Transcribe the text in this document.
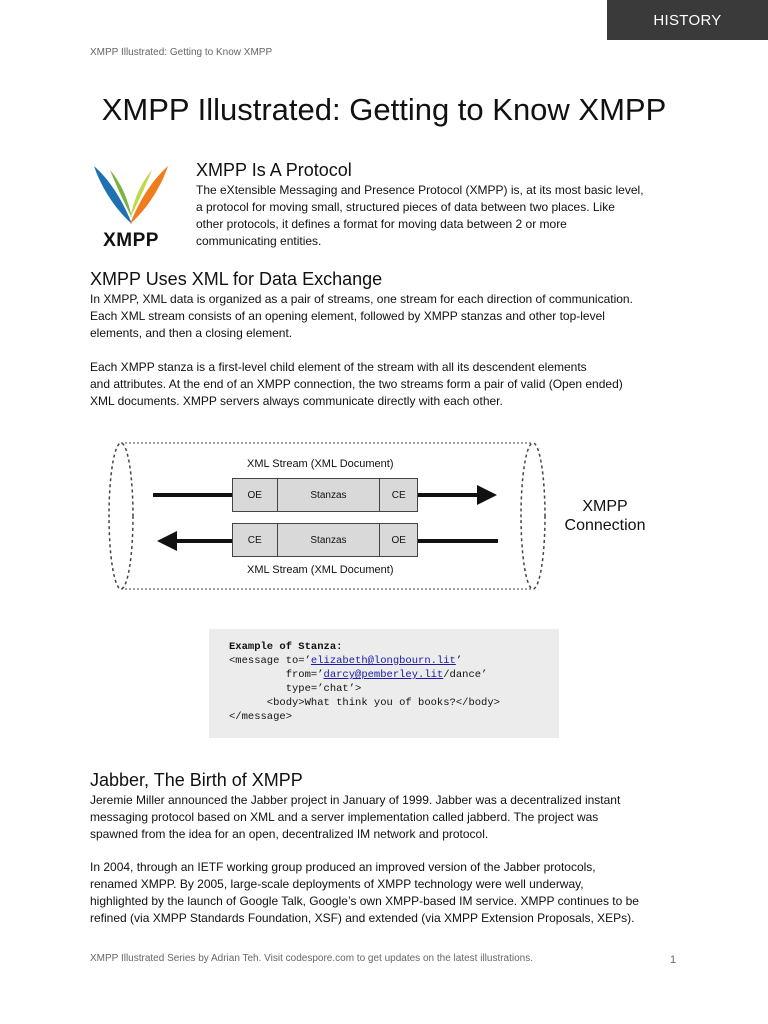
HISTORY
XMPP Illustrated: Getting to Know XMPP
XMPP Illustrated: Getting to Know XMPP
XMPP
XMPP Is A Protocol
The eXtensible Messaging and Presence Protocol (XMPP) is, at its most basic level,
a protocol for moving small, structured pieces of data between two places. Like
other protocols, it defines a format for moving data between 2 or more
communicating entities.
XMPP Uses XML for Data Exchange
In XMPP, XML data is organized as a pair of streams, one stream for each direction of communication.
Each XML stream consists of an opening element, followed by XMPP stanzas and other top-level
elements, and then a closing element.
Each XMPP stanza is a first-level child element of the stream with all its descendent elements
and attributes. At the end of an XMPP connection, the two streams form a pair of valid (Open ended)
XML documents. XMPP servers always communicate directly with each other.
XML Stream (XML Document)
OE	Stanzas	CE
CE	Stanzas	OE
XML Stream (XML Document)
XMPP
Connection
Example of Stanza:
<message to=’elizabeth@longbourn.lit’
from=’darcy@pemberley.lit/dance’
type=’chat’>
<body>What think you of books?</body>
</message>
Jabber, The Birth of XMPP
Jeremie Miller announced the Jabber project in January of 1999. Jabber was a decentralized instant
messaging protocol based on XML and a server implementation called jabberd. The project was
spawned from the idea for an open, decentralized IM network and protocol.
In 2004, through an IETF working group produced an improved version of the Jabber protocols,
renamed XMPP. By 2005, large-scale deployments of XMPP technology were well underway,
highlighted by the launch of Google Talk, Google’s own XMPP-based IM service. XMPP continues to be
refined (via XMPP Standards Foundation, XSF) and extended (via XMPP Extension Proposals, XEPs).
XMPP Illustrated Series by Adrian Teh. Visit codespore.com to get updates on the latest illustrations.	1
